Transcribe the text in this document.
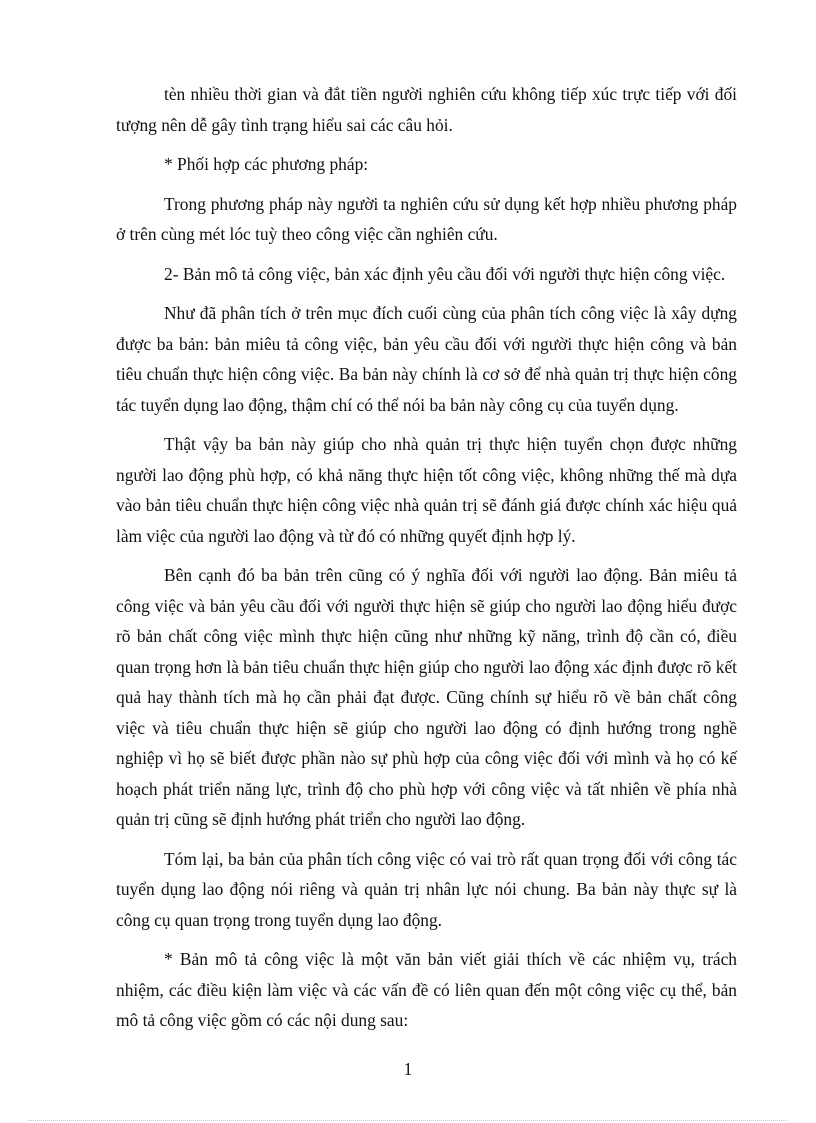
tèn nhiều thời gian và đắt tiền người nghiên cứu không tiếp xúc trực tiếp với đối tượng nên dễ gây tình trạng hiểu sai các câu hỏi.

* Phối hợp các phương pháp:

Trong phương pháp này người ta nghiên cứu sử dụng kết hợp nhiều phương pháp ở trên cùng mét lóc tuỳ theo công việc cần nghiên cứu.

2- Bản mô tả công việc, bản xác định yêu cầu đối với người thực hiện công việc.

Như đã phân tích ở trên mục đích cuối cùng của phân tích công việc là xây dựng được ba bản: bản miêu tả công việc, bản yêu cầu đối với người thực hiện công và bản tiêu chuẩn thực hiện công việc. Ba bản này chính là cơ sở để nhà quản trị thực hiện công tác tuyển dụng lao động, thậm chí có thể nói ba bản này công cụ của tuyển dụng.

Thật vậy ba bản này giúp cho nhà quản trị thực hiện tuyển chọn được những người lao động phù hợp, có khả năng thực hiện tốt công việc, không những thế mà dựa vào bản tiêu chuẩn thực hiện công việc nhà quản trị sẽ đánh giá được chính xác hiệu quả làm việc của người lao động và từ đó có những quyết định hợp lý.

Bên cạnh đó ba bản trên cũng có ý nghĩa đối với người lao động. Bản miêu tả công việc và bản yêu cầu đối với người thực hiện sẽ giúp cho người lao động hiểu được rõ bản chất công việc mình thực hiện cũng như những kỹ năng, trình độ cần có, điều quan trọng hơn là bản tiêu chuẩn thực hiện giúp cho người lao động xác định được rõ kết quả hay thành tích mà họ cần phải đạt được. Cũng chính sự hiểu rõ về bản chất công việc và tiêu chuẩn thực hiện sẽ giúp cho người lao động có định hướng trong nghề nghiệp vì họ sẽ biết được phần nào sự phù hợp của công việc đối với mình và họ có kế hoạch phát triển năng lực, trình độ cho phù hợp với công việc và tất nhiên về phía nhà quản trị cũng sẽ định hướng phát triển cho người lao động.

Tóm lại, ba bản của phân tích công việc có vai trò rất quan trọng đối với công tác tuyển dụng lao động nói riêng và quản trị nhân lực nói chung. Ba bản này thực sự là công cụ quan trọng trong tuyển dụng lao động.

* Bản mô tả công việc là một văn bản viết giải thích về các nhiệm vụ, trách nhiệm, các điều kiện làm việc và các vấn đề có liên quan đến một công việc cụ thể, bản mô tả công việc gồm có các nội dung sau:

1
